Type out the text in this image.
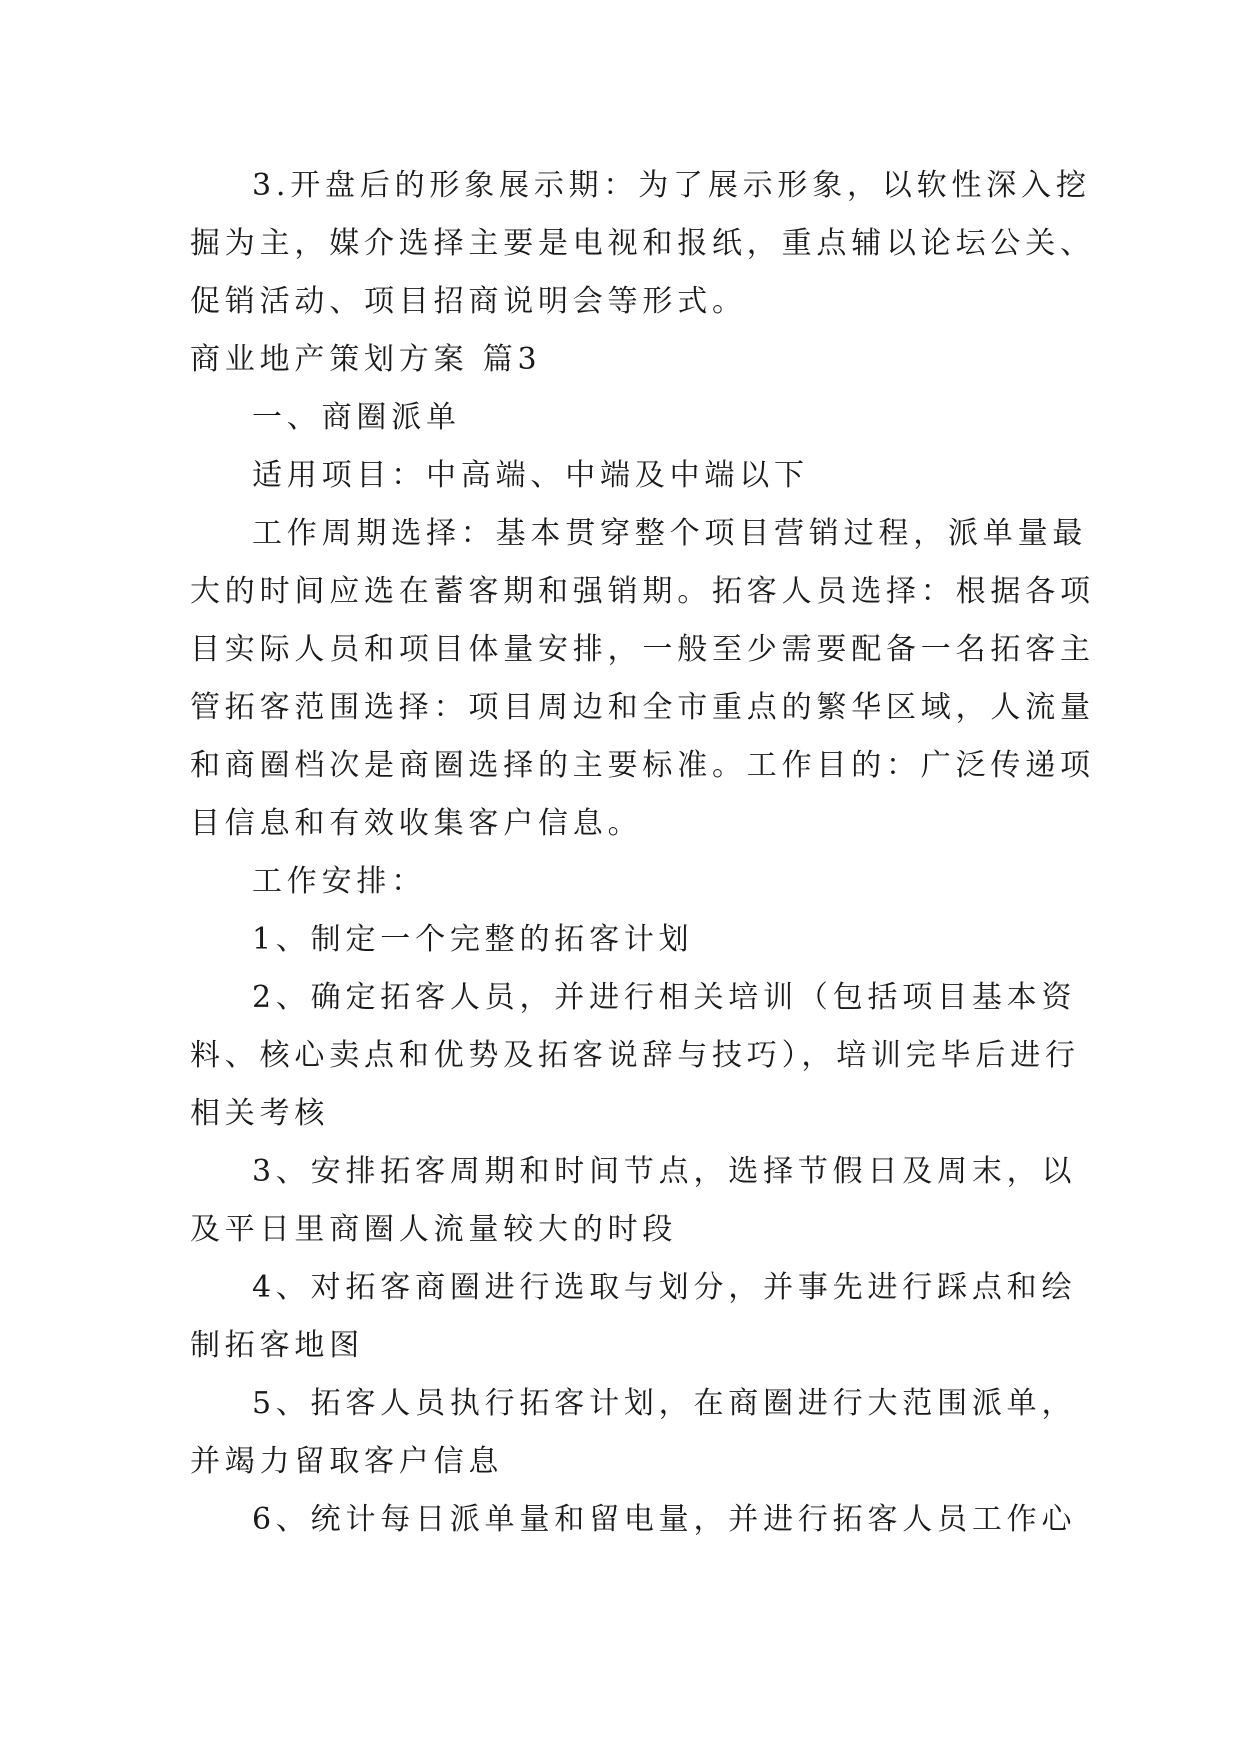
3.开盘后的形象展示期：为了展示形象，以软性深入挖
掘为主，媒介选择主要是电视和报纸，重点辅以论坛公关、
促销活动、项目招商说明会等形式。
商业地产策划方案 篇3
一、商圈派单
适用项目：中高端、中端及中端以下
工作周期选择：基本贯穿整个项目营销过程，派单量最
大的时间应选在蓄客期和强销期。拓客人员选择：根据各项
目实际人员和项目体量安排，一般至少需要配备一名拓客主
管拓客范围选择：项目周边和全市重点的繁华区域，人流量
和商圈档次是商圈选择的主要标准。工作目的：广泛传递项
目信息和有效收集客户信息。
工作安排：
1、制定一个完整的拓客计划
2、确定拓客人员，并进行相关培训（包括项目基本资
料、核心卖点和优势及拓客说辞与技巧），培训完毕后进行
相关考核
3、安排拓客周期和时间节点，选择节假日及周末，以
及平日里商圈人流量较大的时段
4、对拓客商圈进行选取与划分，并事先进行踩点和绘
制拓客地图
5、拓客人员执行拓客计划，在商圈进行大范围派单，
并竭力留取客户信息
6、统计每日派单量和留电量，并进行拓客人员工作心
